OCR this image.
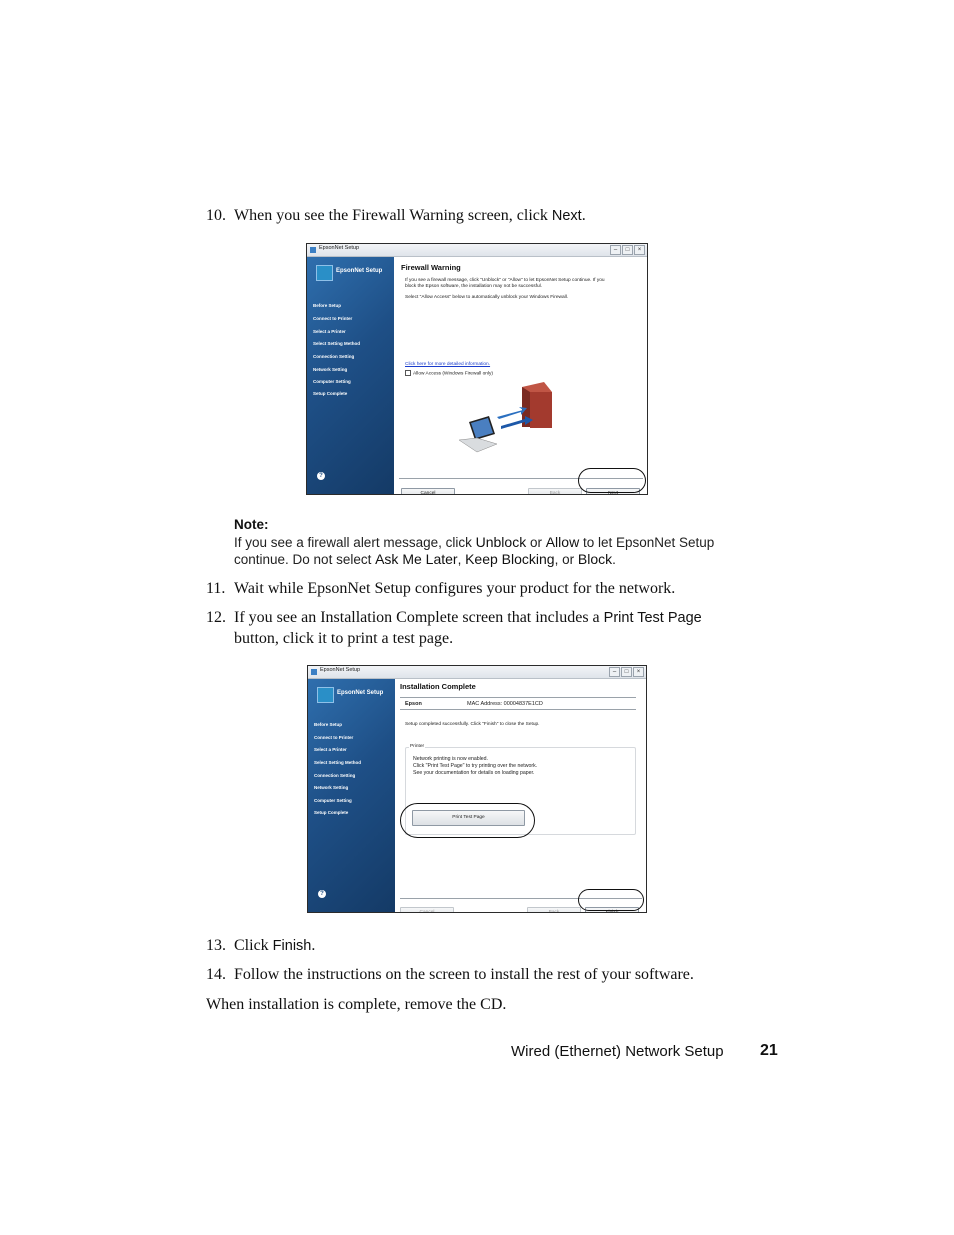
10. When you see the Firewall Warning screen, click Next.
EpsonNet Setup	–	□	×
EpsonNet Setup
Before Setup
Connect to Printer
Select a Printer
Select Setting Method
Connection Setting
Network Setting
Computer Setting
Setup Complete
?
Firewall Warning
If you see a firewall message, click "Unblock" or "Allow" to let EpsonNet Setup continue. If you
block the Epson software, the installation may not be successful.
Select "Allow Access" below to automatically unblock your Windows Firewall.
Click here for more detailed information.
Allow Access (Windows Firewall only)
Cancel	Back	Next
Note:
If you see a firewall alert message, click Unblock or Allow to let EpsonNet Setup
continue. Do not select Ask Me Later, Keep Blocking, or Block.
11. Wait while EpsonNet Setup configures your product for the network.
12. If you see an Installation Complete screen that includes a Print Test Page
button, click it to print a test page.
EpsonNet Setup	–	□	×
EpsonNet Setup
Before Setup
Connect to Printer
Select a Printer
Select Setting Method
Connection Setting
Network Setting
Computer Setting
Setup Complete
?
Installation Complete
Epson	MAC Address: 00004837E1CD
Setup completed successfully. Click "Finish" to close the Setup.
Printer
Network printing is now enabled.
Click "Print Test Page" to try printing over the network.
See your documentation for details on loading paper.
Print Test Page
Cancel	Back	Finish
13. Click Finish.
14. Follow the instructions on the screen to install the rest of your software.
When installation is complete, remove the CD.
Wired (Ethernet) Network Setup 21
